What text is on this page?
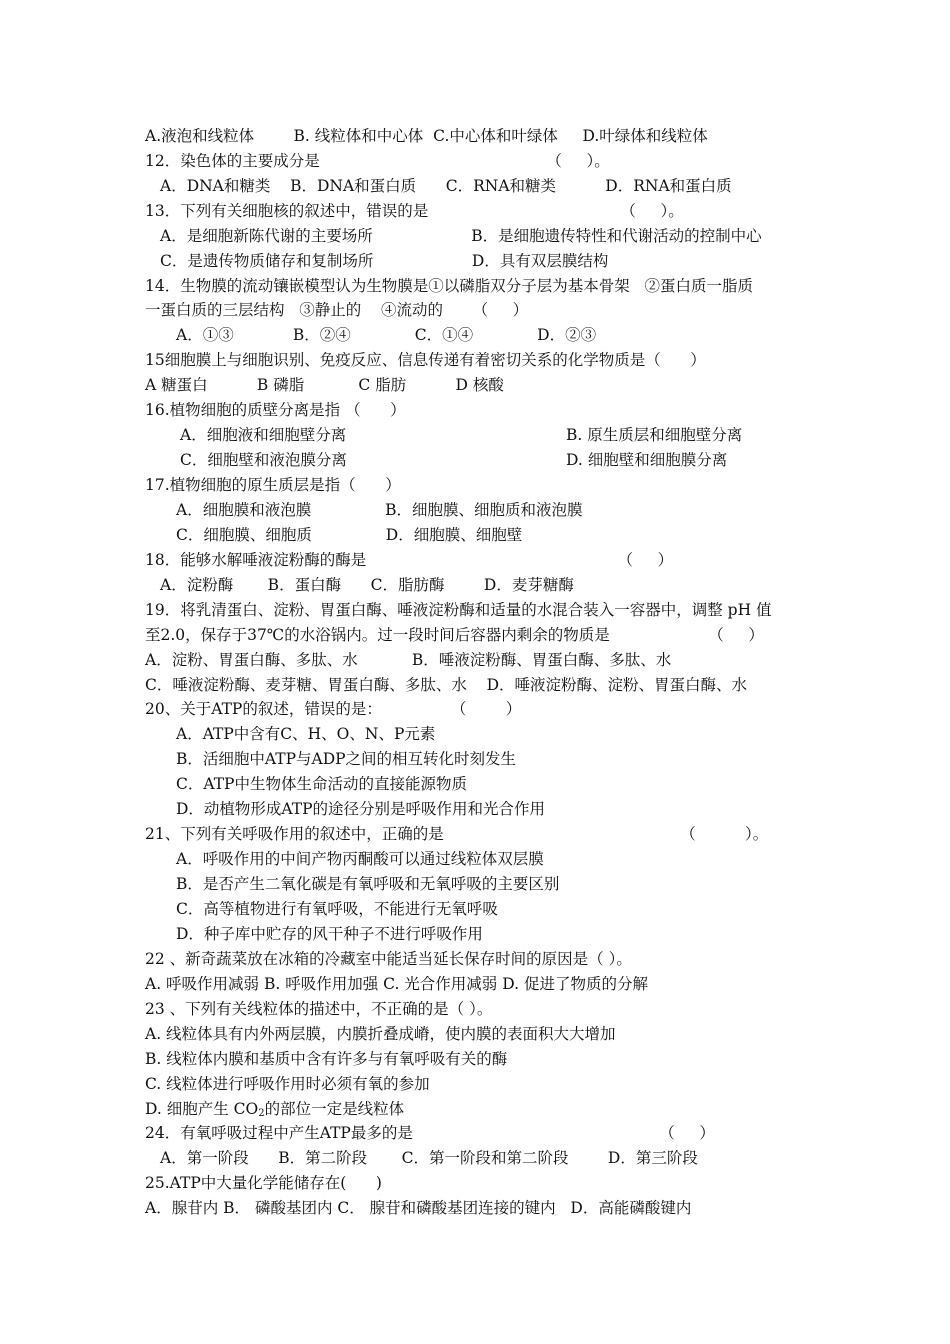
A.液泡和线粒体        B. 线粒体和中心体  C.中心体和叶绿体     D.叶绿体和线粒体
12．染色体的主要成分是                                              （     ）。
A．DNA和糖类    B．DNA和蛋白质      C．RNA和糖类          D．RNA和蛋白质
13．下列有关细胞核的叙述中，错误的是                                       （     ）。
A．是细胞新陈代谢的主要场所                    B．是细胞遗传特性和代谢活动的控制中心
C．是遗传物质储存和复制场所                    D．具有双层膜结构
14．生物膜的流动镶嵌模型认为生物膜是①以磷脂双分子层为基本骨架   ②蛋白质一脂质
一蛋白质的三层结构   ③静止的    ④流动的      （     ）
A．①③            B．②④             C．①④             D．②③
15细胞膜上与细胞识别、免疫反应、信息传递有着密切关系的化学物质是（      ）
A 糖蛋白          B 磷脂           C 脂肪          D 核酸
16.植物细胞的质壁分离是指 （      ）
A．细胞液和细胞壁分离	B. 原生质层和细胞壁分离
C．细胞壁和液泡膜分离	D. 细胞壁和细胞膜分离
17.植物细胞的原生质层是指（      ）
A．细胞膜和液泡膜               B．细胞膜、细胞质和液泡膜
C．细胞膜、细胞质               D．细胞膜、细胞壁
18．能够水解唾液淀粉酶的酶是                                                   （     ）
A．淀粉酶       B．蛋白酶      C．脂肪酶        D．麦芽糖酶
19．将乳清蛋白、淀粉、胃蛋白酶、唾液淀粉酶和适量的水混合装入一容器中，调整 pH 值
至2.0，保存于37℃的水浴锅内。过一段时间后容器内剩余的物质是                    （     ）
A．淀粉、胃蛋白酶、多肽、水           B．唾液淀粉酶、胃蛋白酶、多肽、水
C．唾液淀粉酶、麦芽糖、胃蛋白酶、多肽、水    D．唾液淀粉酶、淀粉、胃蛋白酶、水
20、关于ATP的叙述，错误的是：              （        ）
A．ATP中含有C、H、O、N、P元素
B．活细胞中ATP与ADP之间的相互转化时刻发生
C．ATP中生物体生命活动的直接能源物质
D．动植物形成ATP的途径分别是呼吸作用和光合作用
21、下列有关呼吸作用的叙述中，正确的是                                                （          ）。
A．呼吸作用的中间产物丙酮酸可以通过线粒体双层膜
B．是否产生二氧化碳是有氧呼吸和无氧呼吸的主要区别
C．高等植物进行有氧呼吸，不能进行无氧呼吸
D．种子库中贮存的风干种子不进行呼吸作用
22 、新奇蔬菜放在冰箱的冷藏室中能适当延长保存时间的原因是（ ）。
A. 呼吸作用减弱 B. 呼吸作用加强 C. 光合作用减弱 D. 促进了物质的分解
23 、下列有关线粒体的描述中，不正确的是（ ）。
A. 线粒体具有内外两层膜，内膜折叠成嵴，使内膜的表面积大大增加
B. 线粒体内膜和基质中含有许多与有氧呼吸有关的酶
C. 线粒体进行呼吸作用时必须有氧的参加
D. 细胞产生 $CO_2$的部位一定是线粒体
24．有氧呼吸过程中产生ATP最多的是                                                  （     ）
A．第一阶段      B．第二阶段       C．第一阶段和第二阶段        D．第三阶段
25.ATP中大量化学能储存在(      )
A．腺苷内 B． 磷酸基团内 C． 腺苷和磷酸基团连接的键内   D．高能磷酸键内
